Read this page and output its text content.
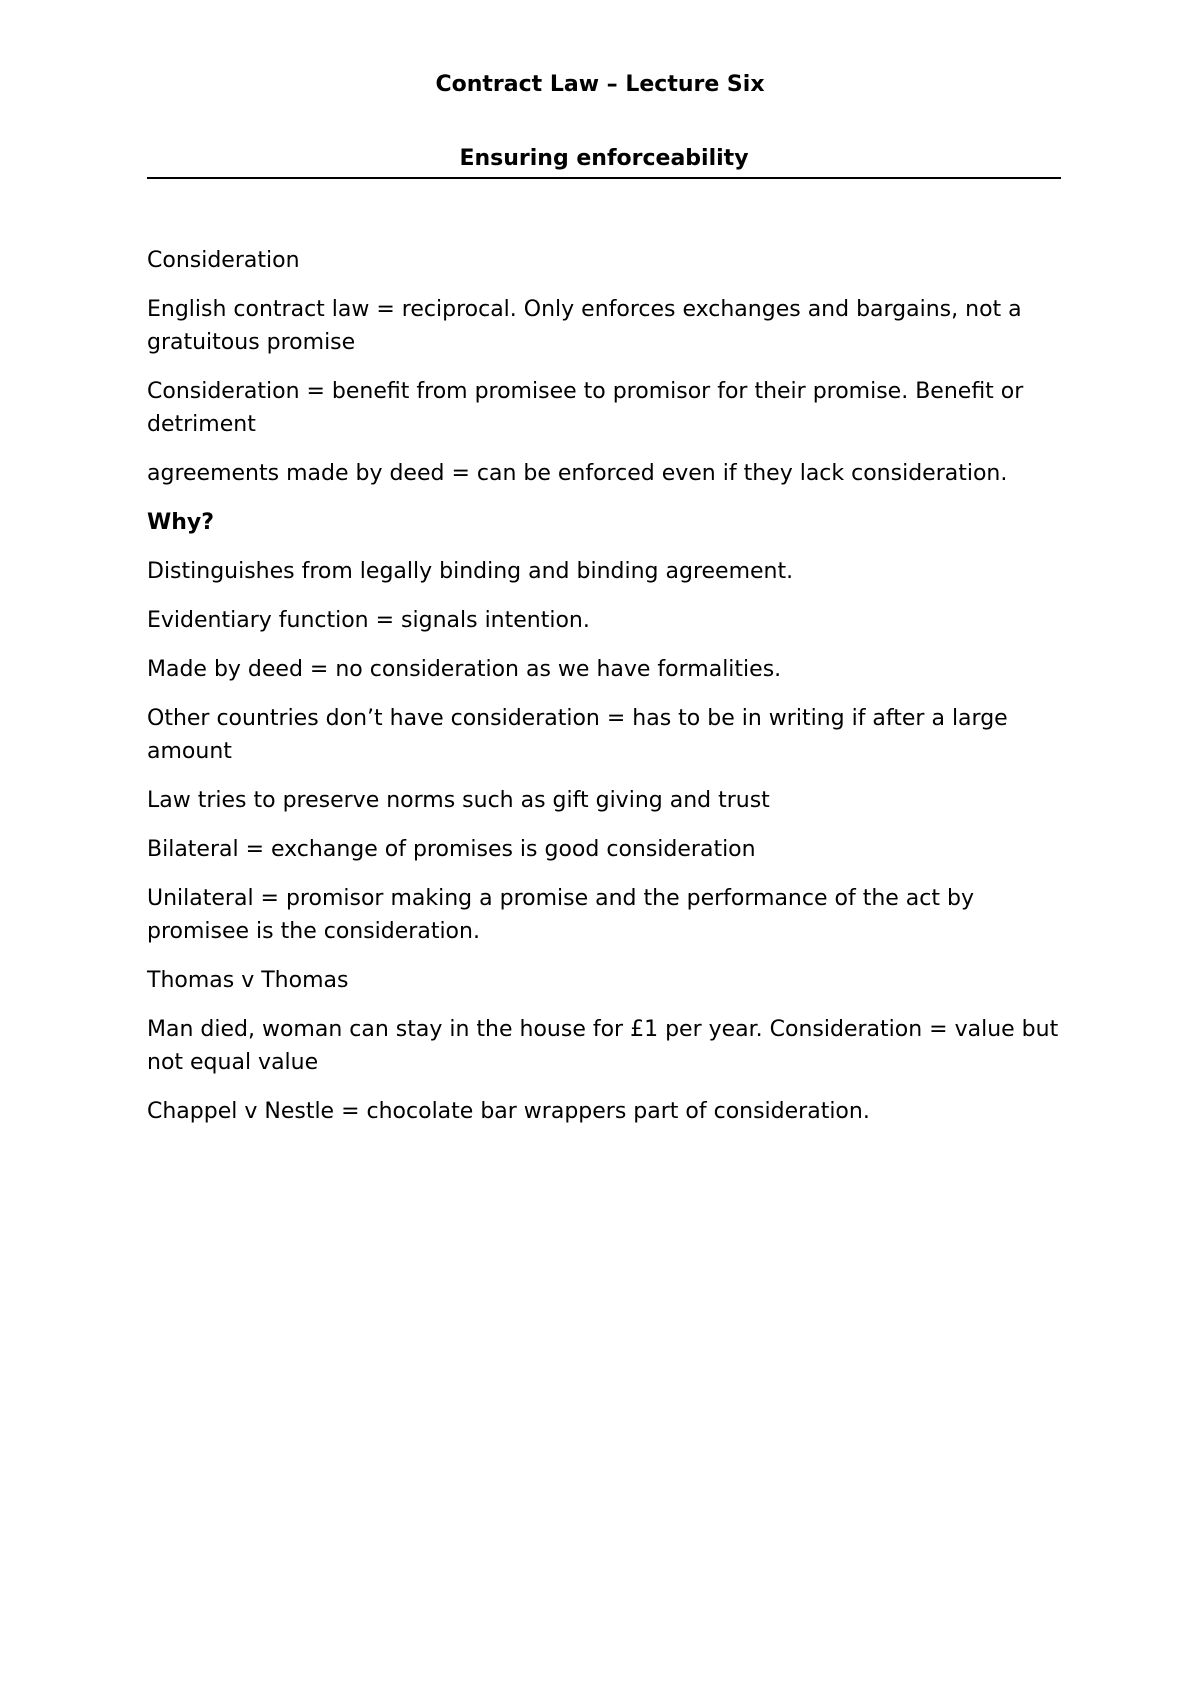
Contract Law – Lecture Six
Ensuring enforceability

Consideration

English contract law = reciprocal. Only enforces exchanges and bargains, not a gratuitous promise

Consideration = benefit from promisee to promisor for their promise. Benefit or detriment

agreements made by deed = can be enforced even if they lack consideration.

Why?

Distinguishes from legally binding and binding agreement.

Evidentiary function = signals intention.

Made by deed = no consideration as we have formalities.

Other countries don’t have consideration = has to be in writing if after a large amount

Law tries to preserve norms such as gift giving and trust

Bilateral = exchange of promises is good consideration

Unilateral = promisor making a promise and the performance of the act by promisee is the consideration.

Thomas v Thomas

Man died, woman can stay in the house for £1 per year. Consideration = value but not equal value

Chappel v Nestle = chocolate bar wrappers part of consideration.
